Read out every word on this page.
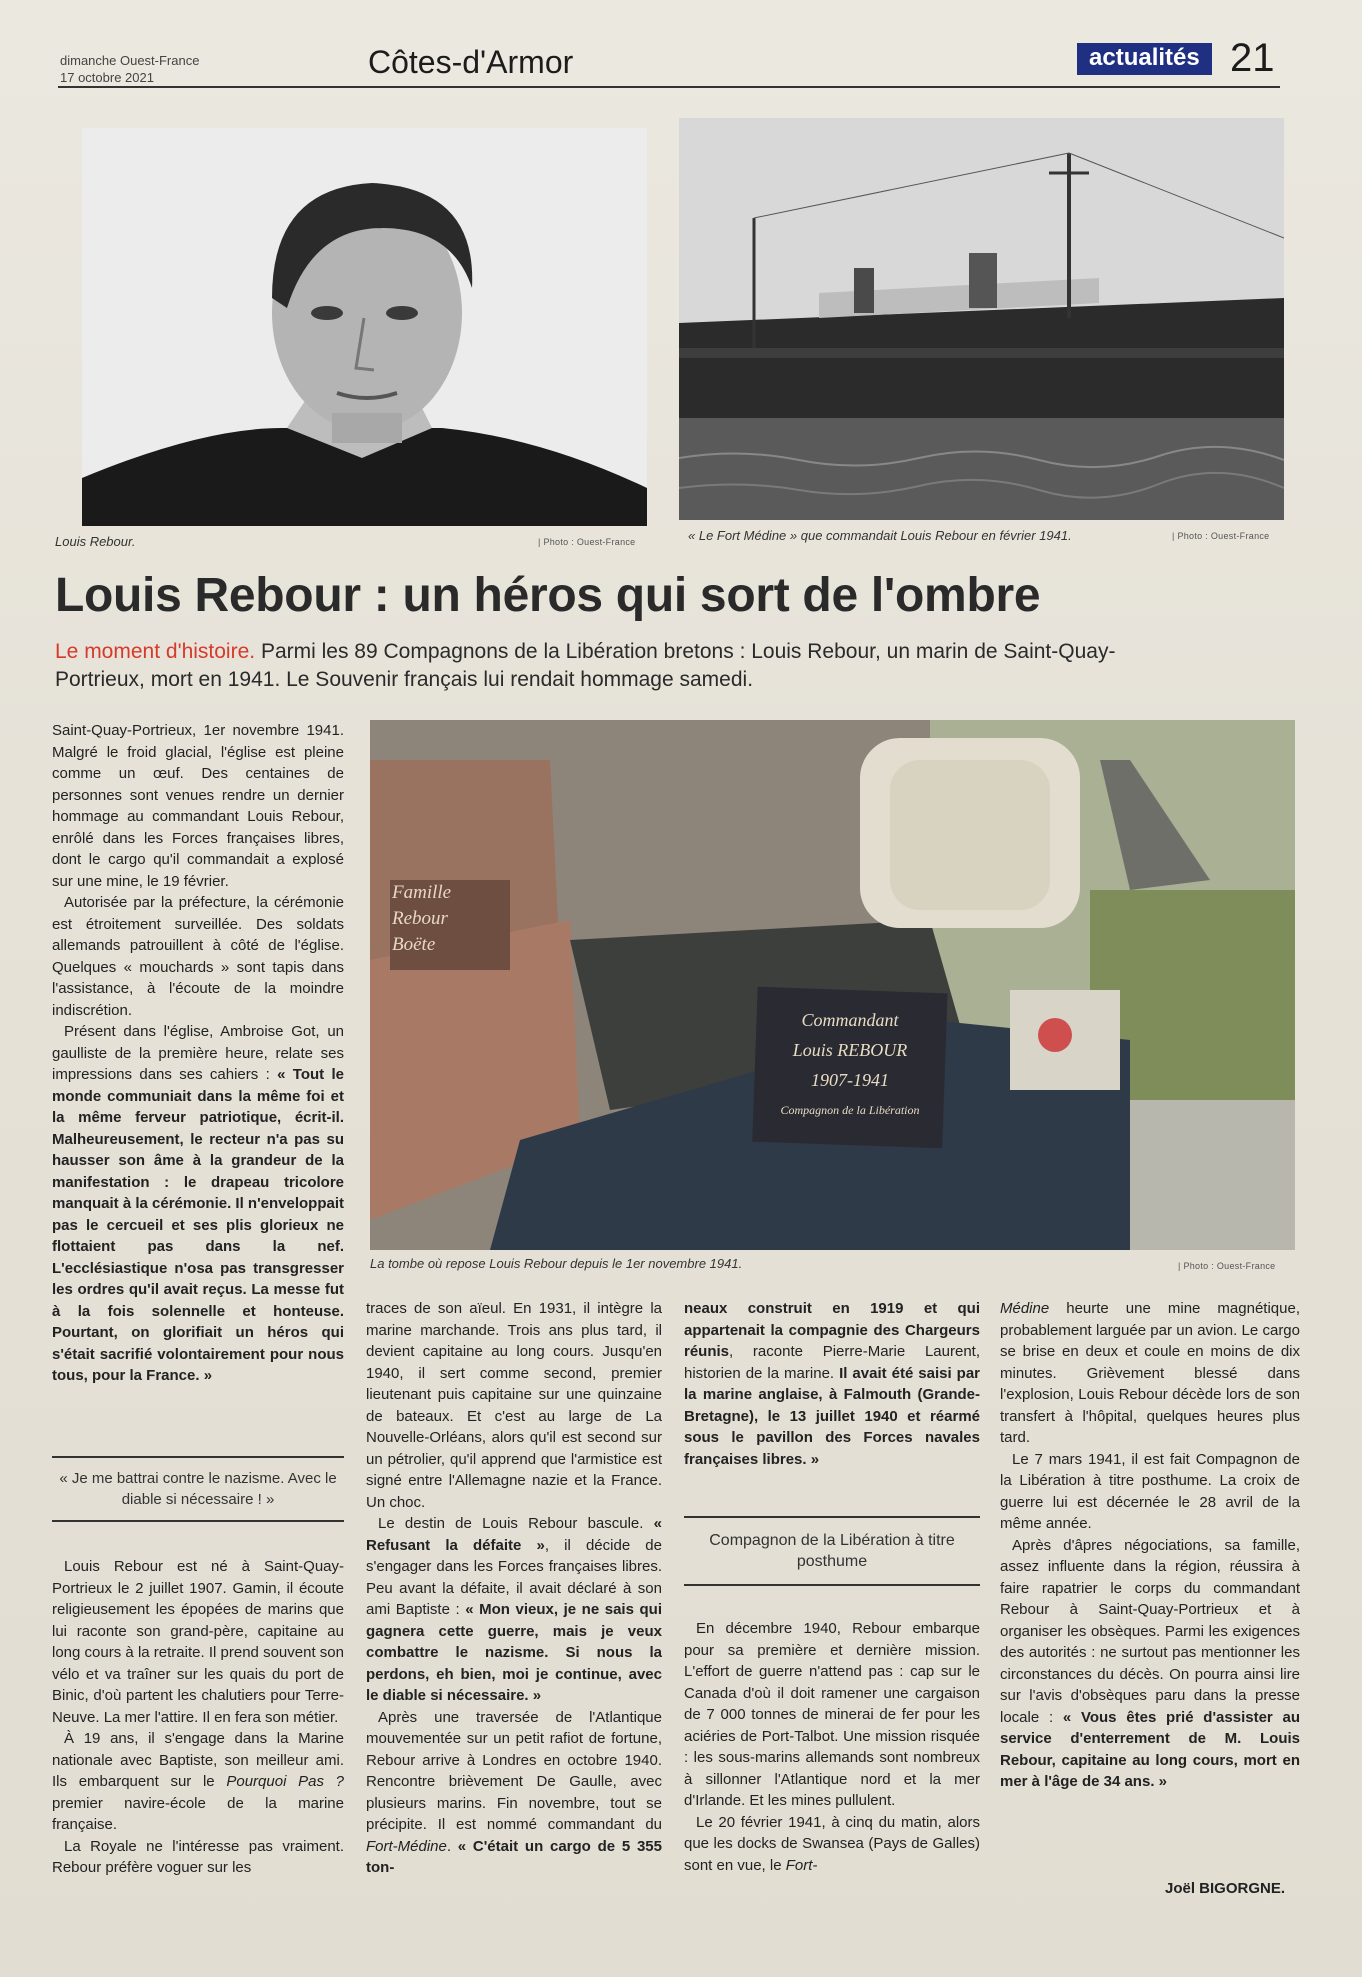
dimanche Ouest-France
17 octobre 2021	Côtes-d'Armor	actualités 21
Louis Rebour.	| Photo : Ouest-France	« Le Fort Médine » que commandait Louis Rebour en février 1941.	| Photo : Ouest-France
Louis Rebour : un héros qui sort de l'ombre
Le moment d'histoire. Parmi les 89 Compagnons de la Libération bretons : Louis Rebour, un marin de Saint-Quay-Portrieux, mort en 1941. Le Souvenir français lui rendait hommage samedi.
Famille
Rebour
Boëte
Commandant
Louis REBOUR
1907-1941
Compagnon de la Libération
La tombe où repose Louis Rebour depuis le 1er novembre 1941.	| Photo : Ouest-France

Saint-Quay-Portrieux, 1er novembre 1941. Malgré le froid glacial, l'église est pleine comme un œuf. Des centaines de personnes sont venues rendre un dernier hommage au commandant Louis Rebour, enrôlé dans les Forces françaises libres, dont le cargo qu'il commandait a explosé sur une mine, le 19 février.

Autorisée par la préfecture, la cérémonie est étroitement surveillée. Des soldats allemands patrouillent à côté de l'église. Quelques « mouchards » sont tapis dans l'assistance, à l'écoute de la moindre indiscrétion.

Présent dans l'église, Ambroise Got, un gaulliste de la première heure, relate ses impressions dans ses cahiers : « Tout le monde communiait dans la même foi et la même ferveur patriotique, écrit-il. Malheureusement, le recteur n'a pas su hausser son âme à la grandeur de la manifestation : le drapeau tricolore manquait à la cérémonie. Il n'enveloppait pas le cercueil et ses plis glorieux ne flottaient pas dans la nef. L'ecclésiastique n'osa pas transgresser les ordres qu'il avait reçus. La messe fut à la fois solennelle et honteuse. Pourtant, on glorifiait un héros qui s'était sacrifié volontairement pour nous tous, pour la France. »

« Je me battrai contre le nazisme. Avec le diable si nécessaire ! »

Louis Rebour est né à Saint-Quay-Portrieux le 2 juillet 1907. Gamin, il écoute religieusement les épopées de marins que lui raconte son grand-père, capitaine au long cours à la retraite. Il prend souvent son vélo et va traîner sur les quais du port de Binic, d'où partent les chalutiers pour Terre-Neuve. La mer l'attire. Il en fera son métier.

À 19 ans, il s'engage dans la Marine nationale avec Baptiste, son meilleur ami. Ils embarquent sur le Pourquoi Pas ? premier navire-école de la marine française.

La Royale ne l'intéresse pas vraiment. Rebour préfère voguer sur les

traces de son aïeul. En 1931, il intègre la marine marchande. Trois ans plus tard, il devient capitaine au long cours. Jusqu'en 1940, il sert comme second, premier lieutenant puis capitaine sur une quinzaine de bateaux. Et c'est au large de La Nouvelle-Orléans, alors qu'il est second sur un pétrolier, qu'il apprend que l'armistice est signé entre l'Allemagne nazie et la France. Un choc.

Le destin de Louis Rebour bascule. « Refusant la défaite », il décide de s'engager dans les Forces françaises libres. Peu avant la défaite, il avait déclaré à son ami Baptiste : « Mon vieux, je ne sais qui gagnera cette guerre, mais je veux combattre le nazisme. Si nous la perdons, eh bien, moi je continue, avec le diable si nécessaire. »

Après une traversée de l'Atlantique mouvementée sur un petit rafiot de fortune, Rebour arrive à Londres en octobre 1940. Rencontre brièvement De Gaulle, avec plusieurs marins. Fin novembre, tout se précipite. Il est nommé commandant du Fort-Médine. « C'était un cargo de 5 355 ton-

neaux construit en 1919 et qui appartenait la compagnie des Chargeurs réunis, raconte Pierre-Marie Laurent, historien de la marine. Il avait été saisi par la marine anglaise, à Falmouth (Grande-Bretagne), le 13 juillet 1940 et réarmé sous le pavillon des Forces navales françaises libres. »

Compagnon de la Libération à titre posthume

En décembre 1940, Rebour embarque pour sa première et dernière mission. L'effort de guerre n'attend pas : cap sur le Canada d'où il doit ramener une cargaison de 7 000 tonnes de minerai de fer pour les aciéries de Port-Talbot. Une mission risquée : les sous-marins allemands sont nombreux à sillonner l'Atlantique nord et la mer d'Irlande. Et les mines pullulent.

Le 20 février 1941, à cinq du matin, alors que les docks de Swansea (Pays de Galles) sont en vue, le Fort-

Médine heurte une mine magnétique, probablement larguée par un avion. Le cargo se brise en deux et coule en moins de dix minutes. Grièvement blessé dans l'explosion, Louis Rebour décède lors de son transfert à l'hôpital, quelques heures plus tard.

Le 7 mars 1941, il est fait Compagnon de la Libération à titre posthume. La croix de guerre lui est décernée le 28 avril de la même année.

Après d'âpres négociations, sa famille, assez influente dans la région, réussira à faire rapatrier le corps du commandant Rebour à Saint-Quay-Portrieux et à organiser les obsèques. Parmi les exigences des autorités : ne surtout pas mentionner les circonstances du décès. On pourra ainsi lire sur l'avis d'obsèques paru dans la presse locale : « Vous êtes prié d'assister au service d'enterrement de M. Louis Rebour, capitaine au long cours, mort en mer à l'âge de 34 ans. »

Joël BIGORGNE.
